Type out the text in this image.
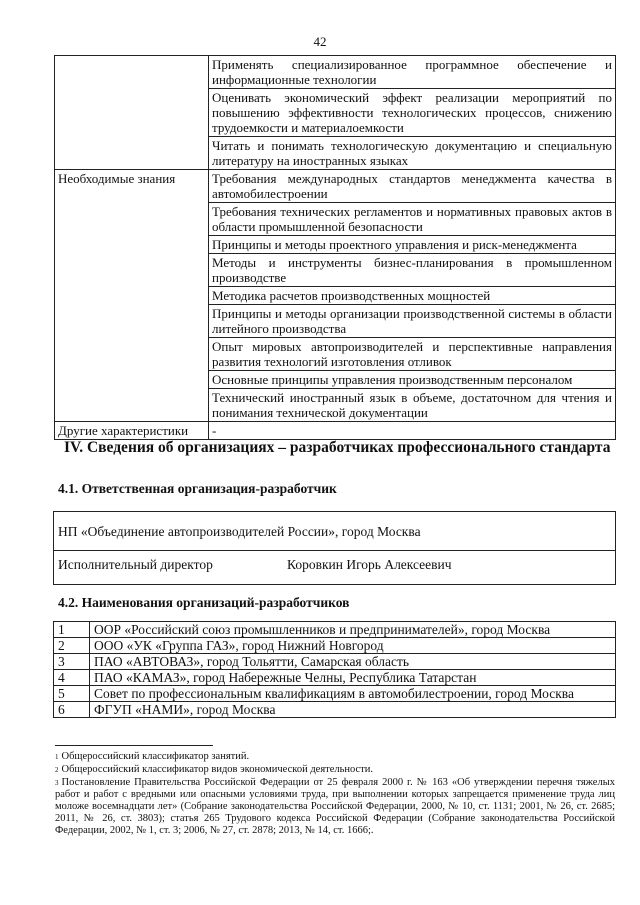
42
	Применять специализированное программное обеспечение и информационные технологии
	Оценивать экономический эффект реализации мероприятий по повышению эффективности технологических процессов, снижению трудоемкости и материалоемкости
	Читать и понимать технологическую документацию и специальную литературу на иностранных языках
Необходимые знания	Требования международных стандартов менеджмента качества в автомобилестроении
	Требования технических регламентов и нормативных правовых актов в области промышленной безопасности
	Принципы и методы проектного управления и риск-менеджмента
	Методы и инструменты бизнес-планирования в промышленном производстве
	Методика расчетов производственных мощностей
	Принципы и методы организации производственной системы в области литейного производства
	Опыт мировых автопроизводителей и перспективные направления развития технологий изготовления отливок
	Основные принципы управления производственным персоналом
	Технический иностранный язык в объеме, достаточном для чтения и понимания технической документации
Другие характеристики	-
IV. Сведения об организациях – разработчиках профессионального стандарта
4.1. Ответственная организация-разработчик
НП «Объединение автопроизводителей России», город Москва
Исполнительный директор	Коровкин Игорь Алексеевич
4.2. Наименования организаций-разработчиков
1	ООР «Российский союз промышленников и предпринимателей», город Москва
2	ООО «УК «Группа ГАЗ», город Нижний Новгород
3	ПАО «АВТОВАЗ», город Тольятти, Самарская область
4	ПАО «КАМАЗ», город Набережные Челны, Республика Татарстан
5	Совет по профессиональным квалификациям в автомобилестроении, город Москва
6	ФГУП «НАМИ», город Москва
$^1$ Общероссийский классификатор занятий.
$^2$ Общероссийский классификатор видов экономической деятельности.
$^3$ Постановление Правительства Российской Федерации от 25 февраля 2000 г. № 163 «Об утверждении перечня тяжелых работ и работ с вредными или опасными условиями труда, при выполнении которых запрещается применение труда лиц моложе восемнадцати лет» (Собрание законодательства Российской Федерации, 2000, № 10, ст. 1131; 2001, № 26, ст. 2685; 2011, № 26, ст. 3803); статья 265 Трудового кодекса Российской Федерации (Собрание законодательства Российской Федерации, 2002, № 1, ст. 3; 2006, № 27, ст. 2878; 2013, № 14, ст. 1666;.
